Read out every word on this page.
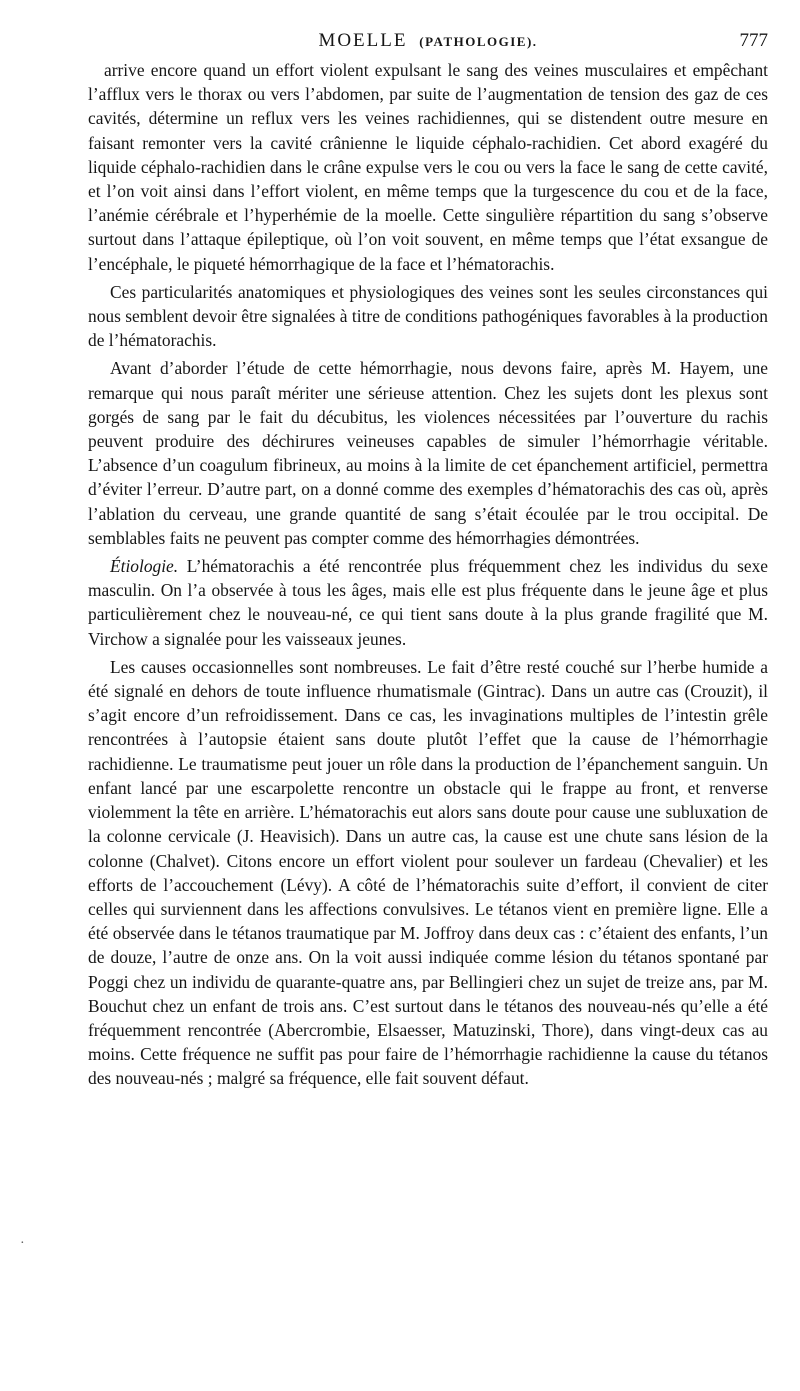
MOELLE (PATHOLOGIE).	777

arrive encore quand un effort violent expulsant le sang des veines musculaires et empêchant l’afflux vers le thorax ou vers l’abdomen, par suite de l’augmentation de tension des gaz de ces cavités, détermine un reflux vers les veines rachidiennes, qui se distendent outre mesure en faisant remonter vers la cavité crânienne le liquide céphalo-rachidien. Cet abord exagéré du liquide céphalo-rachidien dans le crâne expulse vers le cou ou vers la face le sang de cette cavité, et l’on voit ainsi dans l’effort violent, en même temps que la turgescence du cou et de la face, l’anémie cérébrale et l’hyperhémie de la moelle. Cette singulière répartition du sang s’observe surtout dans l’attaque épileptique, où l’on voit souvent, en même temps que l’état exsangue de l’encéphale, le piqueté hémorrhagique de la face et l’hématorachis.

Ces particularités anatomiques et physiologiques des veines sont les seules circonstances qui nous semblent devoir être signalées à titre de conditions pathogéniques favorables à la production de l’hématorachis.

Avant d’aborder l’étude de cette hémorrhagie, nous devons faire, après M. Hayem, une remarque qui nous paraît mériter une sérieuse attention. Chez les sujets dont les plexus sont gorgés de sang par le fait du décubitus, les violences nécessitées par l’ouverture du rachis peuvent produire des déchirures veineuses capables de simuler l’hémorrhagie véritable. L’absence d’un coagulum fibrineux, au moins à la limite de cet épanchement artificiel, permettra d’éviter l’erreur. D’autre part, on a donné comme des exemples d’hématorachis des cas où, après l’ablation du cerveau, une grande quantité de sang s’était écoulée par le trou occipital. De semblables faits ne peuvent pas compter comme des hémorrhagies démontrées.

Étiologie. L’hématorachis a été rencontrée plus fréquemment chez les individus du sexe masculin. On l’a observée à tous les âges, mais elle est plus fréquente dans le jeune âge et plus particulièrement chez le nouveau-né, ce qui tient sans doute à la plus grande fragilité que M. Virchow a signalée pour les vaisseaux jeunes.

Les causes occasionnelles sont nombreuses. Le fait d’être resté couché sur l’herbe humide a été signalé en dehors de toute influence rhumatismale (Gintrac). Dans un autre cas (Crouzit), il s’agit encore d’un refroidissement. Dans ce cas, les invaginations multiples de l’intestin grêle rencontrées à l’autopsie étaient sans doute plutôt l’effet que la cause de l’hémorrhagie rachidienne. Le traumatisme peut jouer un rôle dans la production de l’épanchement sanguin. Un enfant lancé par une escarpolette rencontre un obstacle qui le frappe au front, et renverse violemment la tête en arrière. L’hématorachis eut alors sans doute pour cause une subluxation de la colonne cervicale (J. Heavisich). Dans un autre cas, la cause est une chute sans lésion de la colonne (Chalvet). Citons encore un effort violent pour soulever un fardeau (Chevalier) et les efforts de l’accouchement (Lévy). A côté de l’hématorachis suite d’effort, il convient de citer celles qui surviennent dans les affections convulsives. Le tétanos vient en première ligne. Elle a été observée dans le tétanos traumatique par M. Joffroy dans deux cas : c’étaient des enfants, l’un de douze, l’autre de onze ans. On la voit aussi indiquée comme lésion du tétanos spontané par Poggi chez un individu de quarante-quatre ans, par Bellingieri chez un sujet de treize ans, par M. Bouchut chez un enfant de trois ans. C’est surtout dans le tétanos des nouveau-nés qu’elle a été fréquemment rencontrée (Abercrombie, Elsaesser, Matuzinski, Thore), dans vingt-deux cas au moins. Cette fréquence ne suffit pas pour faire de l’hémorrhagie rachidienne la cause du tétanos des nouveau-nés ; malgré sa fréquence, elle fait souvent défaut.

·
